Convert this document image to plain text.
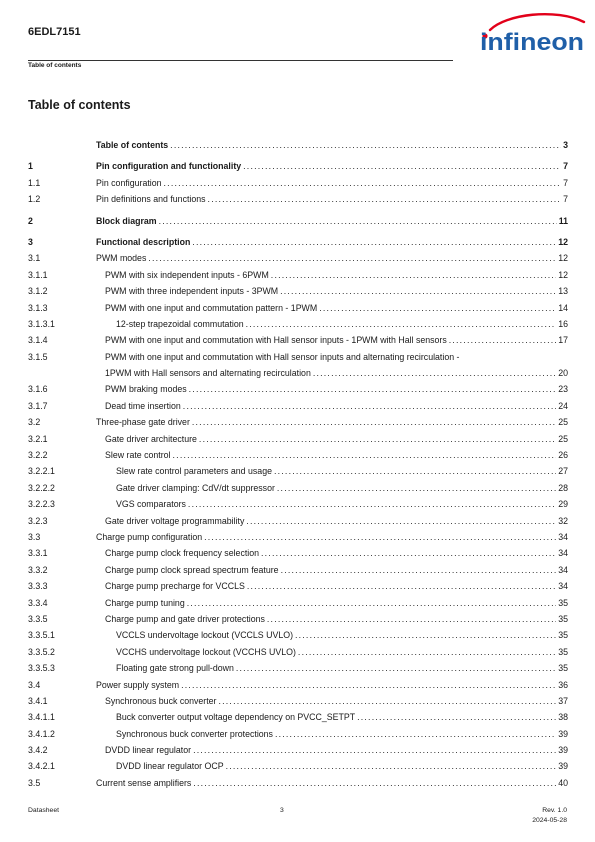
6EDL7151
Table of contents
infineon
Table of contents
Table of contents .....	3
1	Pin configuration and functionality .....	7
1.1	Pin configuration .....	7
1.2	Pin definitions and functions .....	7
2	Block diagram .....	11
3	Functional description .....	12
3.1	PWM modes .....	12
3.1.1	PWM with six independent inputs - 6PWM .....	12
3.1.2	PWM with three independent inputs - 3PWM .....	13
3.1.3	PWM with one input and commutation pattern - 1PWM .....	14
3.1.3.1	12-step trapezoidal commutation .....	16
3.1.4	PWM with one input and commutation with Hall sensor inputs - 1PWM with Hall sensors .....	17
3.1.5	PWM with one input and commutation with Hall sensor inputs and alternating recirculation -
1PWM with Hall sensors and alternating recirculation .....	20
3.1.6	PWM braking modes .....	23
3.1.7	Dead time insertion .....	24
3.2	Three-phase gate driver .....	25
3.2.1	Gate driver architecture .....	25
3.2.2	Slew rate control .....	26
3.2.2.1	Slew rate control parameters and usage .....	27
3.2.2.2	Gate driver clamping: CdV/dt suppressor .....	28
3.2.2.3	VGS comparators .....	29
3.2.3	Gate driver voltage programmability .....	32
3.3	Charge pump configuration .....	34
3.3.1	Charge pump clock frequency selection .....	34
3.3.2	Charge pump clock spread spectrum feature .....	34
3.3.3	Charge pump precharge for VCCLS .....	34
3.3.4	Charge pump tuning .....	35
3.3.5	Charge pump and gate driver protections .....	35
3.3.5.1	VCCLS undervoltage lockout (VCCLS UVLO) .....	35
3.3.5.2	VCCHS undervoltage lockout (VCCHS UVLO) .....	35
3.3.5.3	Floating gate strong pull-down .....	35
3.4	Power supply system .....	36
3.4.1	Synchronous buck converter .....	37
3.4.1.1	Buck converter output voltage dependency on PVCC_SETPT .....	38
3.4.1.2	Synchronous buck converter protections .....	39
3.4.2	DVDD linear regulator .....	39
3.4.2.1	DVDD linear regulator OCP .....	39
3.5	Current sense amplifiers .....	40
Datasheet	3	Rev. 1.0
2024-05-28
